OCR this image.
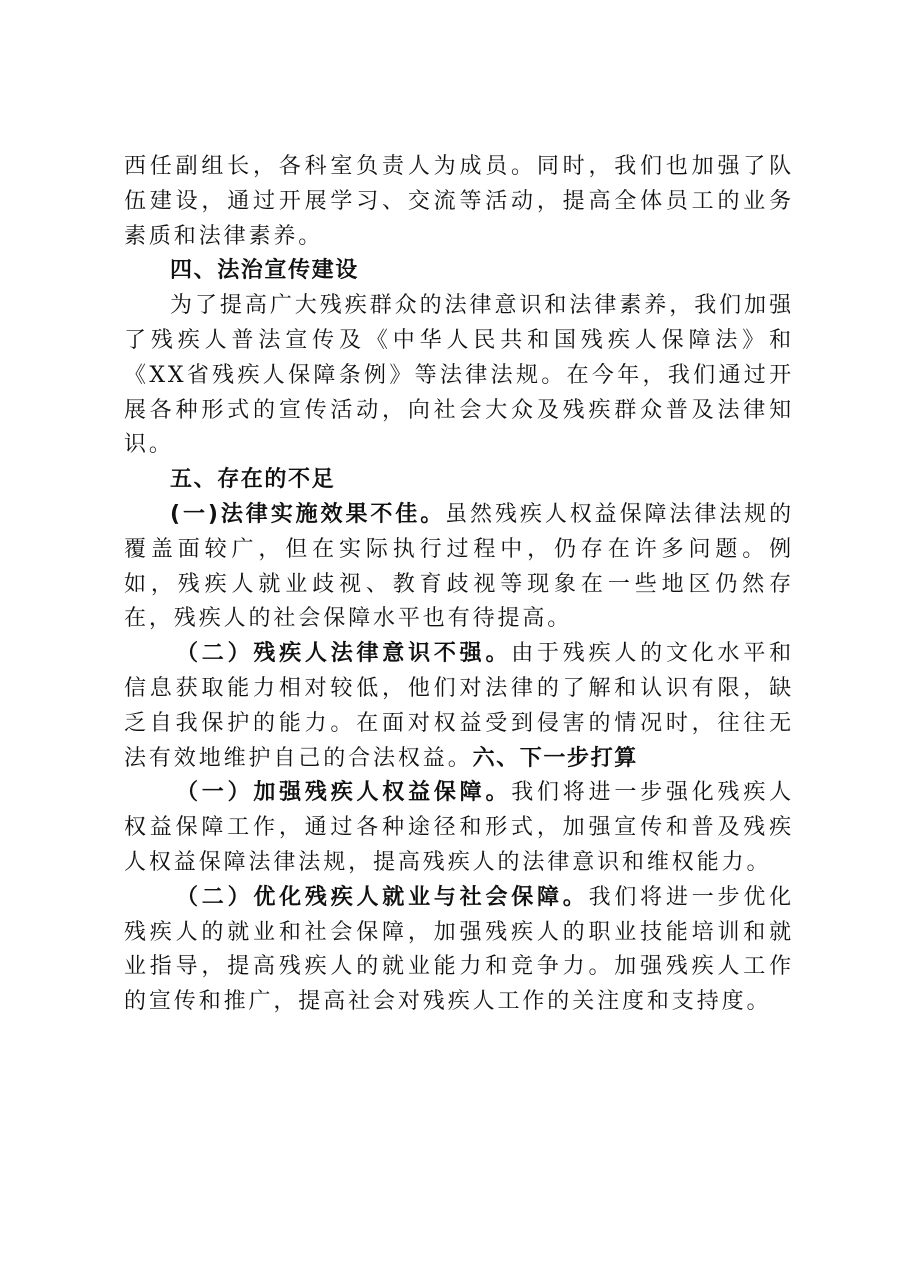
西任副组长，各科室负责人为成员。同时，我们也加强了队伍建设，通过开展学习、交流等活动，提高全体员工的业务素质和法律素养。

四、法治宣传建设

为了提高广大残疾群众的法律意识和法律素养，我们加强了残疾人普法宣传及《中华人民共和国残疾人保障法》和《XX省残疾人保障条例》等法律法规。在今年，我们通过开展各种形式的宣传活动，向社会大众及残疾群众普及法律知识。

五、存在的不足

(一)法律实施效果不佳。虽然残疾人权益保障法律法规的覆盖面较广，但在实际执行过程中，仍存在许多问题。例如，残疾人就业歧视、教育歧视等现象在一些地区仍然存在，残疾人的社会保障水平也有待提高。

（二）残疾人法律意识不强。由于残疾人的文化水平和信息获取能力相对较低，他们对法律的了解和认识有限，缺乏自我保护的能力。在面对权益受到侵害的情况时，往往无法有效地维护自己的合法权益。六、下一步打算

（一）加强残疾人权益保障。我们将进一步强化残疾人权益保障工作，通过各种途径和形式，加强宣传和普及残疾人权益保障法律法规，提高残疾人的法律意识和维权能力。

（二）优化残疾人就业与社会保障。我们将进一步优化残疾人的就业和社会保障，加强残疾人的职业技能培训和就业指导，提高残疾人的就业能力和竞争力。加强残疾人工作的宣传和推广，提高社会对残疾人工作的关注度和支持度。
